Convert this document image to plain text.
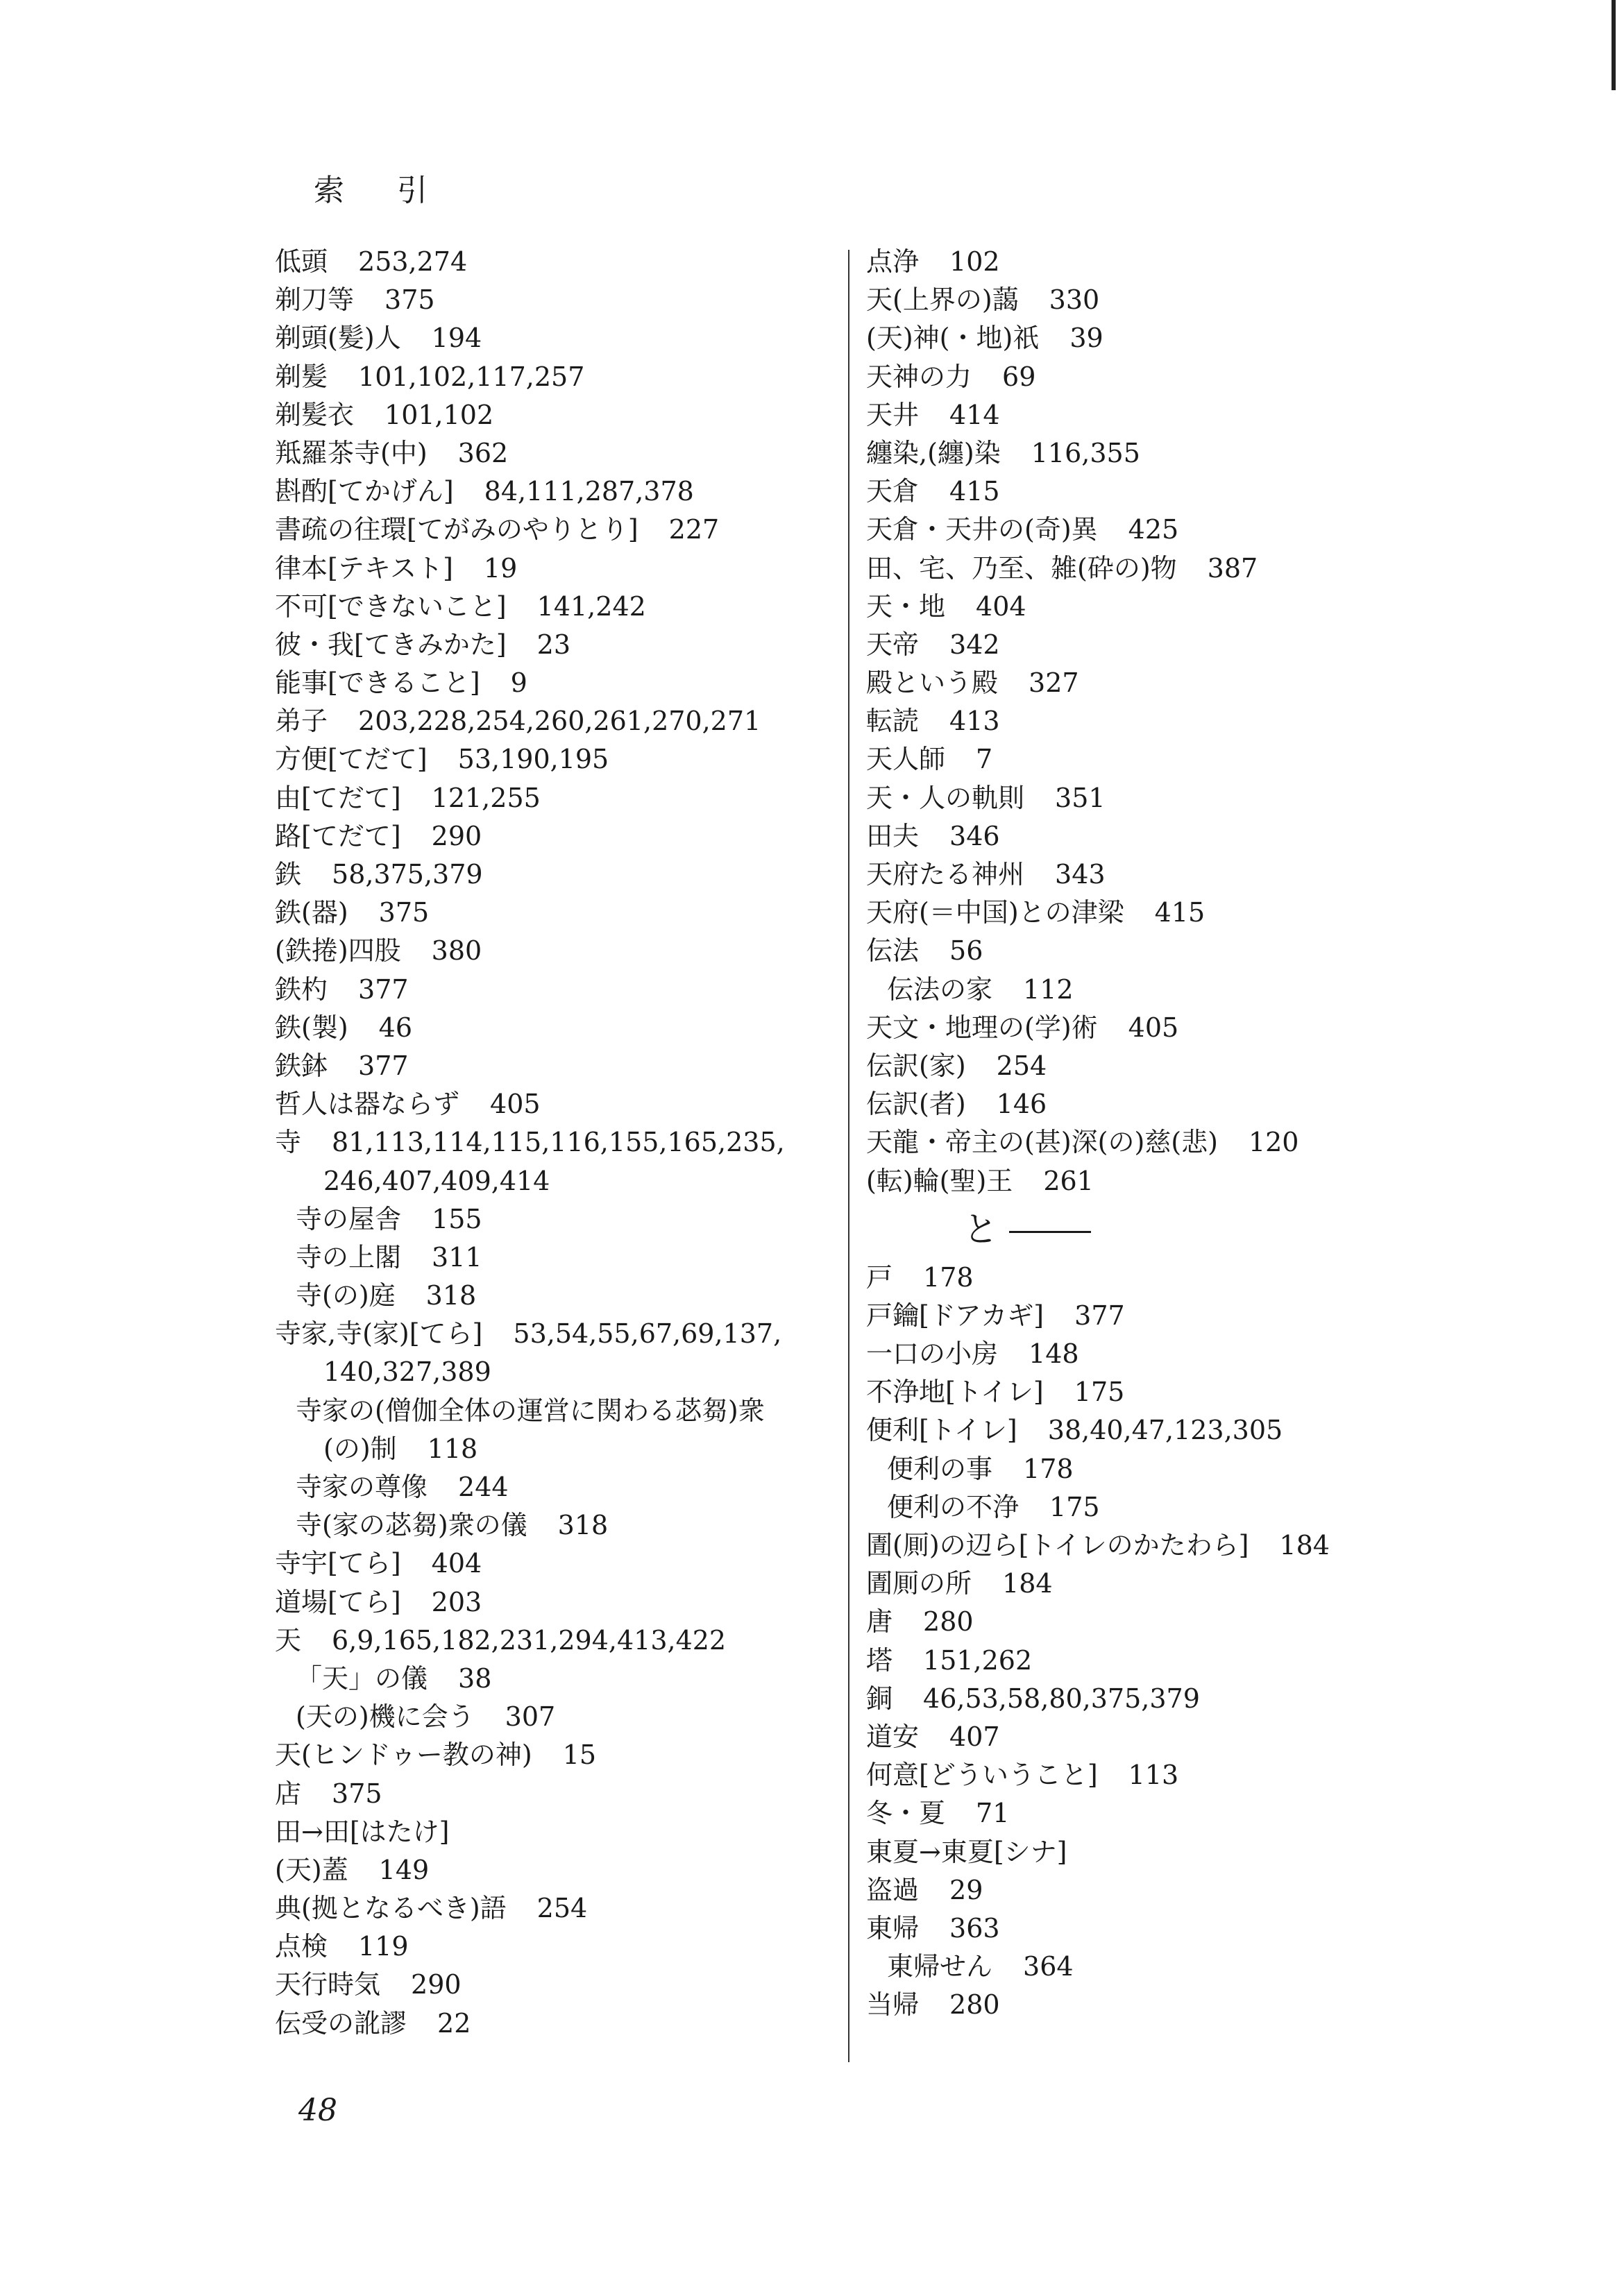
索 引
低頭 253,274
剃刀等 375
剃頭(髪)人 194
剃髪 101,102,117,257
剃髪衣 101,102
羝羅茶寺(中) 362
斟酌[てかげん] 84,111,287,378
書疏の往環[てがみのやりとり] 227
律本[テキスト] 19
不可[できないこと] 141,242
彼・我[てきみかた] 23
能事[できること] 9
弟子 203,228,254,260,261,270,271
方便[てだて] 53,190,195
由[てだて] 121,255
路[てだて] 290
鉄 58,375,379
鉄(器) 375
(鉄捲)四股 380
鉄杓 377
鉄(製) 46
鉄鉢 377
哲人は器ならず 405
寺 81,113,114,115,116,155,165,235,
246,407,409,414
寺の屋舎 155
寺の上閣 311
寺(の)庭 318
寺家,寺(家)[てら] 53,54,55,67,69,137,
140,327,389
寺家の(僧伽全体の運営に関わる苾芻)衆
(の)制 118
寺家の尊像 244
寺(家の苾芻)衆の儀 318
寺宇[てら] 404
道場[てら] 203
天 6,9,165,182,231,294,413,422
「天」の儀 38
(天の)機に会う 307
天(ヒンドゥー教の神) 15
店 375
田→田[はたけ]
(天)蓋 149
典(拠となるべき)語 254
点検 119
天行時気 290
伝受の訛謬 22
点浄 102
天(上界の)藹 330
(天)神(・地)祇 39
天神の力 69
天井 414
纏染,(纏)染 116,355
天倉 415
天倉・天井の(奇)異 425
田、宅、乃至、雑(砕の)物 387
天・地 404
天帝 342
殿という殿 327
転読 413
天人師 7
天・人の軌則 351
田夫 346
天府たる神州 343
天府(＝中国)との津梁 415
伝法 56
伝法の家 112
天文・地理の(学)術 405
伝訳(家) 254
伝訳(者) 146
天龍・帝主の(甚)深(の)慈(悲) 120
(転)輪(聖)王 261
と
戸 178
戸鑰[ドアカギ] 377
一口の小房 148
不浄地[トイレ] 175
便利[トイレ] 38,40,47,123,305
便利の事 178
便利の不浄 175
圊(厠)の辺ら[トイレのかたわら] 184
圊厠の所 184
唐 280
塔 151,262
銅 46,53,58,80,375,379
道安 407
何意[どういうこと] 113
冬・夏 71
東夏→東夏[シナ]
盗過 29
東帰 363
東帰せん 364
当帰 280
48
